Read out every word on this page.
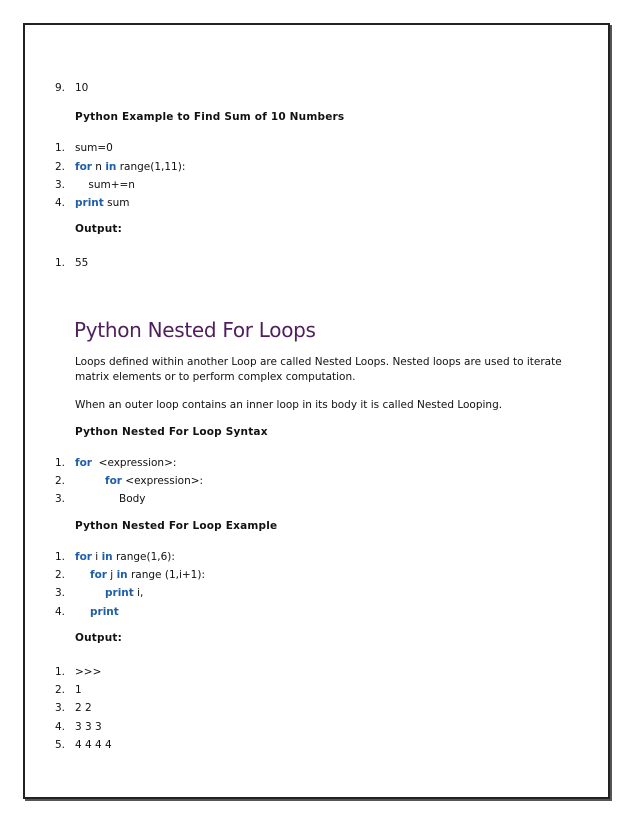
9. 10
Python Example to Find Sum of 10 Numbers
1. sum=0
2. for n in range(1,11):
3. sum+=n
4. print sum
Output:
1. 55
Python Nested For Loops
Loops defined within another Loop are called Nested Loops. Nested loops are used to iterate matrix elements or to perform complex computation.
When an outer loop contains an inner loop in its body it is called Nested Looping.
Python Nested For Loop Syntax
1. for  <expression>:
2.	for <expression>:
3.	Body
Python Nested For Loop Example
1. for i in range(1,6):
2. for j in range (1,i+1):
3.	print i,
4. print
Output:
1. >>>
2. 1
3. 2 2
4. 3 3 3
5. 4 4 4 4
